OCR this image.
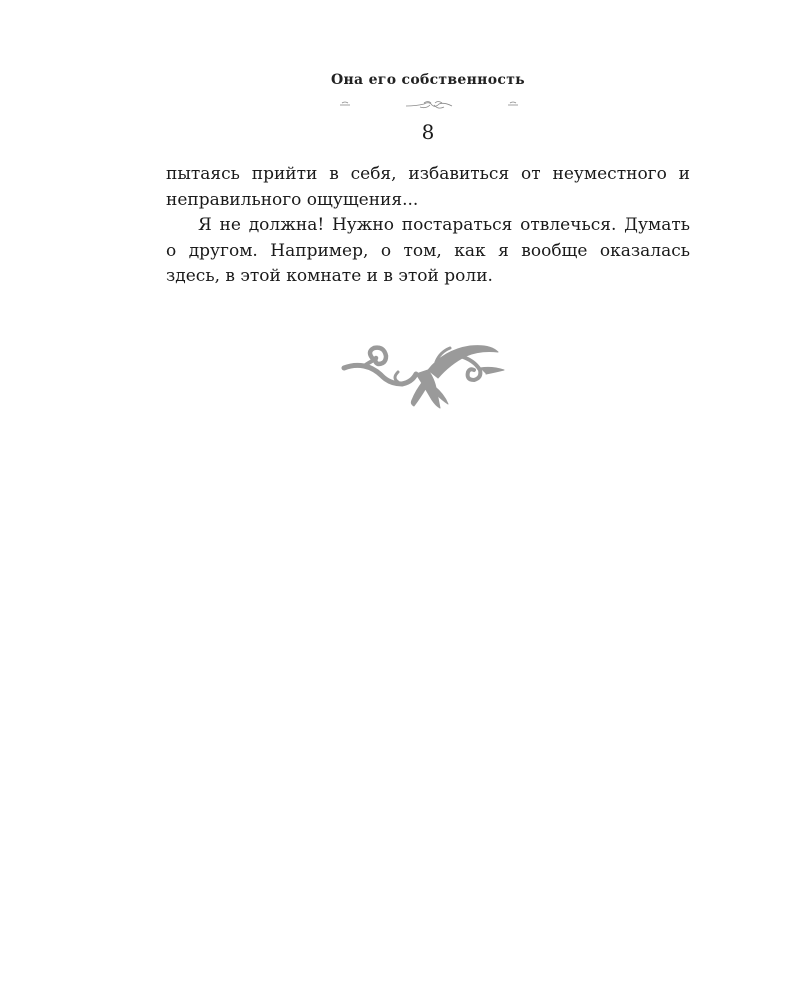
Она его собственность
8

пытаясь прийти в себя, избавиться от неуместного и неправильного ощущения...

Я не должна! Нужно постараться отвлечься. Думать о другом. Например, о том, как я вообще оказалась здесь, в этой комнате и в этой роли.
